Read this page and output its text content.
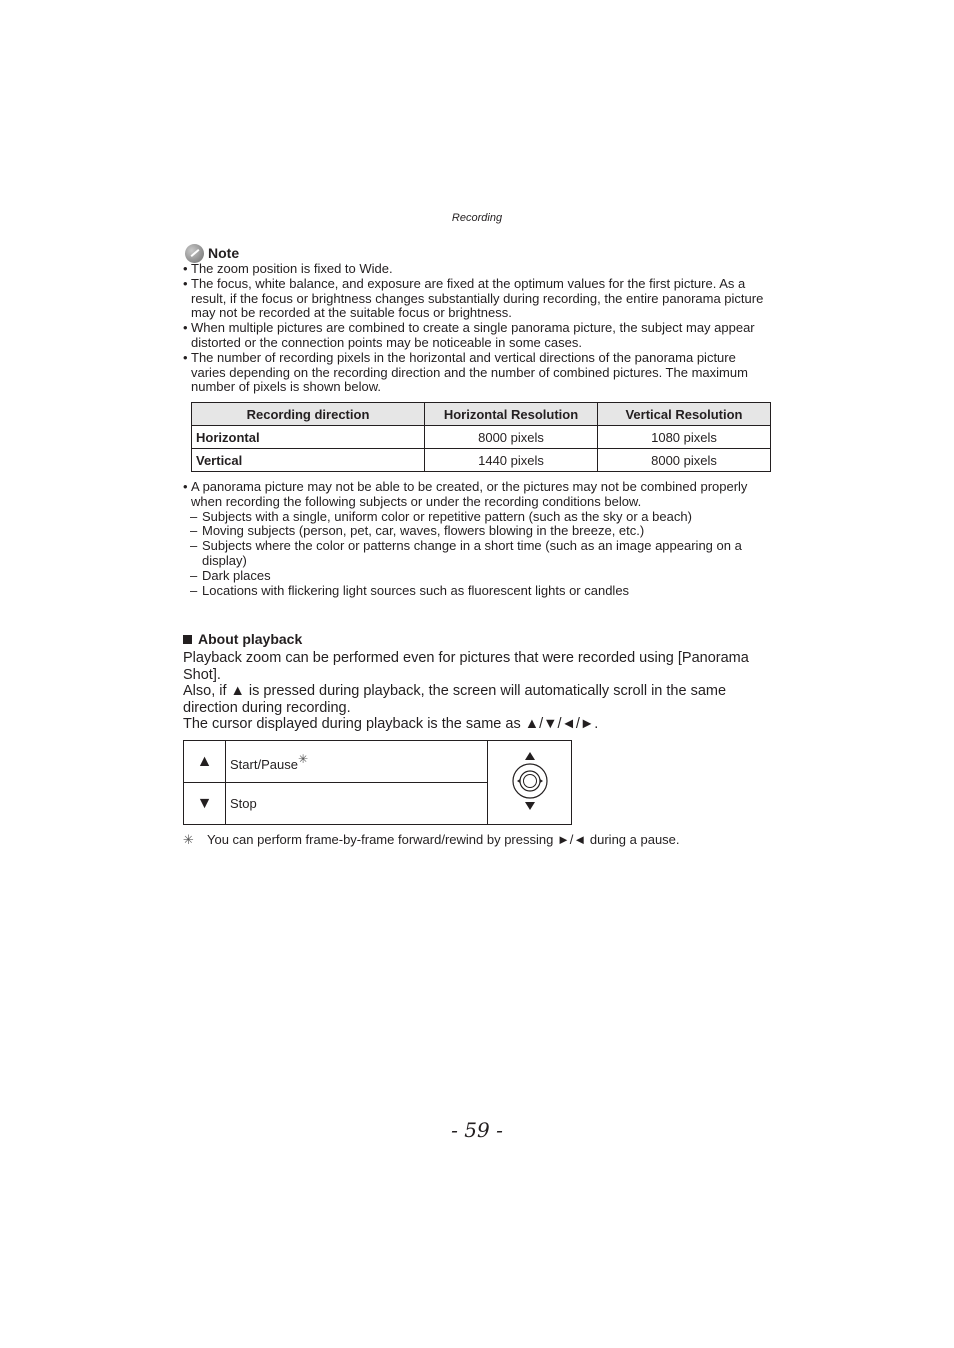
Recording
Note
• The zoom position is fixed to Wide.
• The focus, white balance, and exposure are fixed at the optimum values for the first picture. As a result, if the focus or brightness changes substantially during recording, the entire panorama picture may not be recorded at the suitable focus or brightness.
• When multiple pictures are combined to create a single panorama picture, the subject may appear distorted or the connection points may be noticeable in some cases.
• The number of recording pixels in the horizontal and vertical directions of the panorama picture varies depending on the recording direction and the number of combined pictures. The maximum number of pixels is shown below.
Recording direction	Horizontal Resolution	Vertical Resolution
Horizontal	8000 pixels	1080 pixels
Vertical	1440 pixels	8000 pixels
• A panorama picture may not be able to be created, or the pictures may not be combined properly when recording the following subjects or under the recording conditions below.
– Subjects with a single, uniform color or repetitive pattern (such as the sky or a beach)
– Moving subjects (person, pet, car, waves, flowers blowing in the breeze, etc.)
– Subjects where the color or patterns change in a short time (such as an image appearing on a display)
– Dark places
– Locations with flickering light sources such as fluorescent lights or candles
About playback
Playback zoom can be performed even for pictures that were recorded using [Panorama Shot].
Also, if ▲ is pressed during playback, the screen will automatically scroll in the same direction during recording.
The cursor displayed during playback is the same as ▲/▼/◄/►.
▲	Start/Pause✳	
▼	Stop	
✳	You can perform frame-by-frame forward/rewind by pressing ►/◄ during a pause.
- 59 -
